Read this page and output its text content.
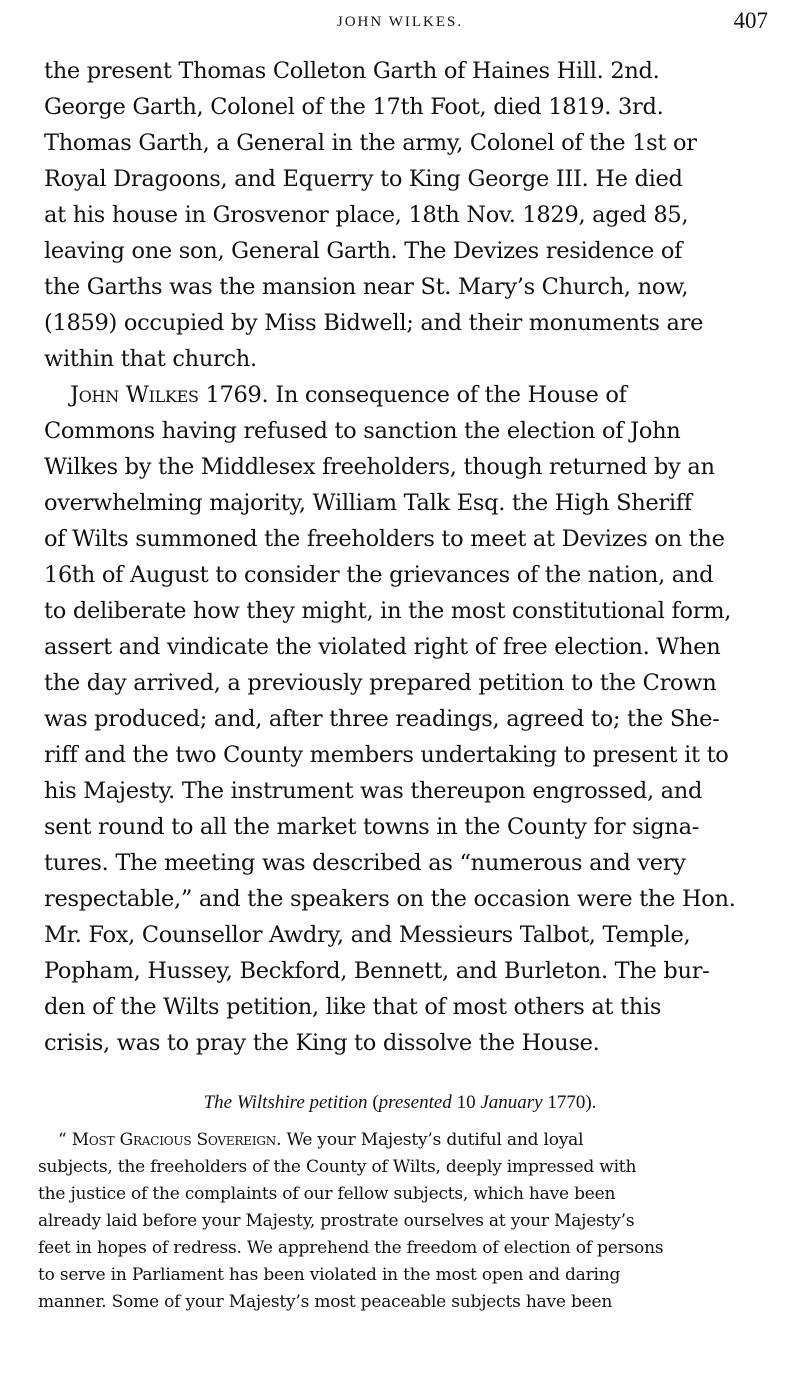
JOHN WILKES.	407
the present Thomas Colleton Garth of Haines Hill. 2nd.
George Garth, Colonel of the 17th Foot, died 1819. 3rd.
Thomas Garth, a General in the army, Colonel of the 1st or
Royal Dragoons, and Equerry to King George III. He died
at his house in Grosvenor place, 18th Nov. 1829, aged 85,
leaving one son, General Garth. The Devizes residence of
the Garths was the mansion near St. Mary’s Church, now,
(1859) occupied by Miss Bidwell; and their monuments are
within that church.
John Wilkes 1769. In consequence of the House of
Commons having refused to sanction the election of John
Wilkes by the Middlesex freeholders, though returned by an
overwhelming majority, William Talk Esq. the High Sheriff
of Wilts summoned the freeholders to meet at Devizes on the
16th of August to consider the grievances of the nation, and
to deliberate how they might, in the most constitutional form,
assert and vindicate the violated right of free election. When
the day arrived, a previously prepared petition to the Crown
was produced; and, after three readings, agreed to; the She-
riff and the two County members undertaking to present it to
his Majesty. The instrument was thereupon engrossed, and
sent round to all the market towns in the County for signa-
tures. The meeting was described as “numerous and very
respectable,” and the speakers on the occasion were the Hon.
Mr. Fox, Counsellor Awdry, and Messieurs Talbot, Temple,
Popham, Hussey, Beckford, Bennett, and Burleton. The bur-
den of the Wilts petition, like that of most others at this
crisis, was to pray the King to dissolve the House.
The Wiltshire petition (presented 10 January 1770).
“ Most Gracious Sovereign. We your Majesty’s dutiful and loyal
subjects, the freeholders of the County of Wilts, deeply impressed with
the justice of the complaints of our fellow subjects, which have been
already laid before your Majesty, prostrate ourselves at your Majesty’s
feet in hopes of redress. We apprehend the freedom of election of persons
to serve in Parliament has been violated in the most open and daring
manner. Some of your Majesty’s most peaceable subjects have been
